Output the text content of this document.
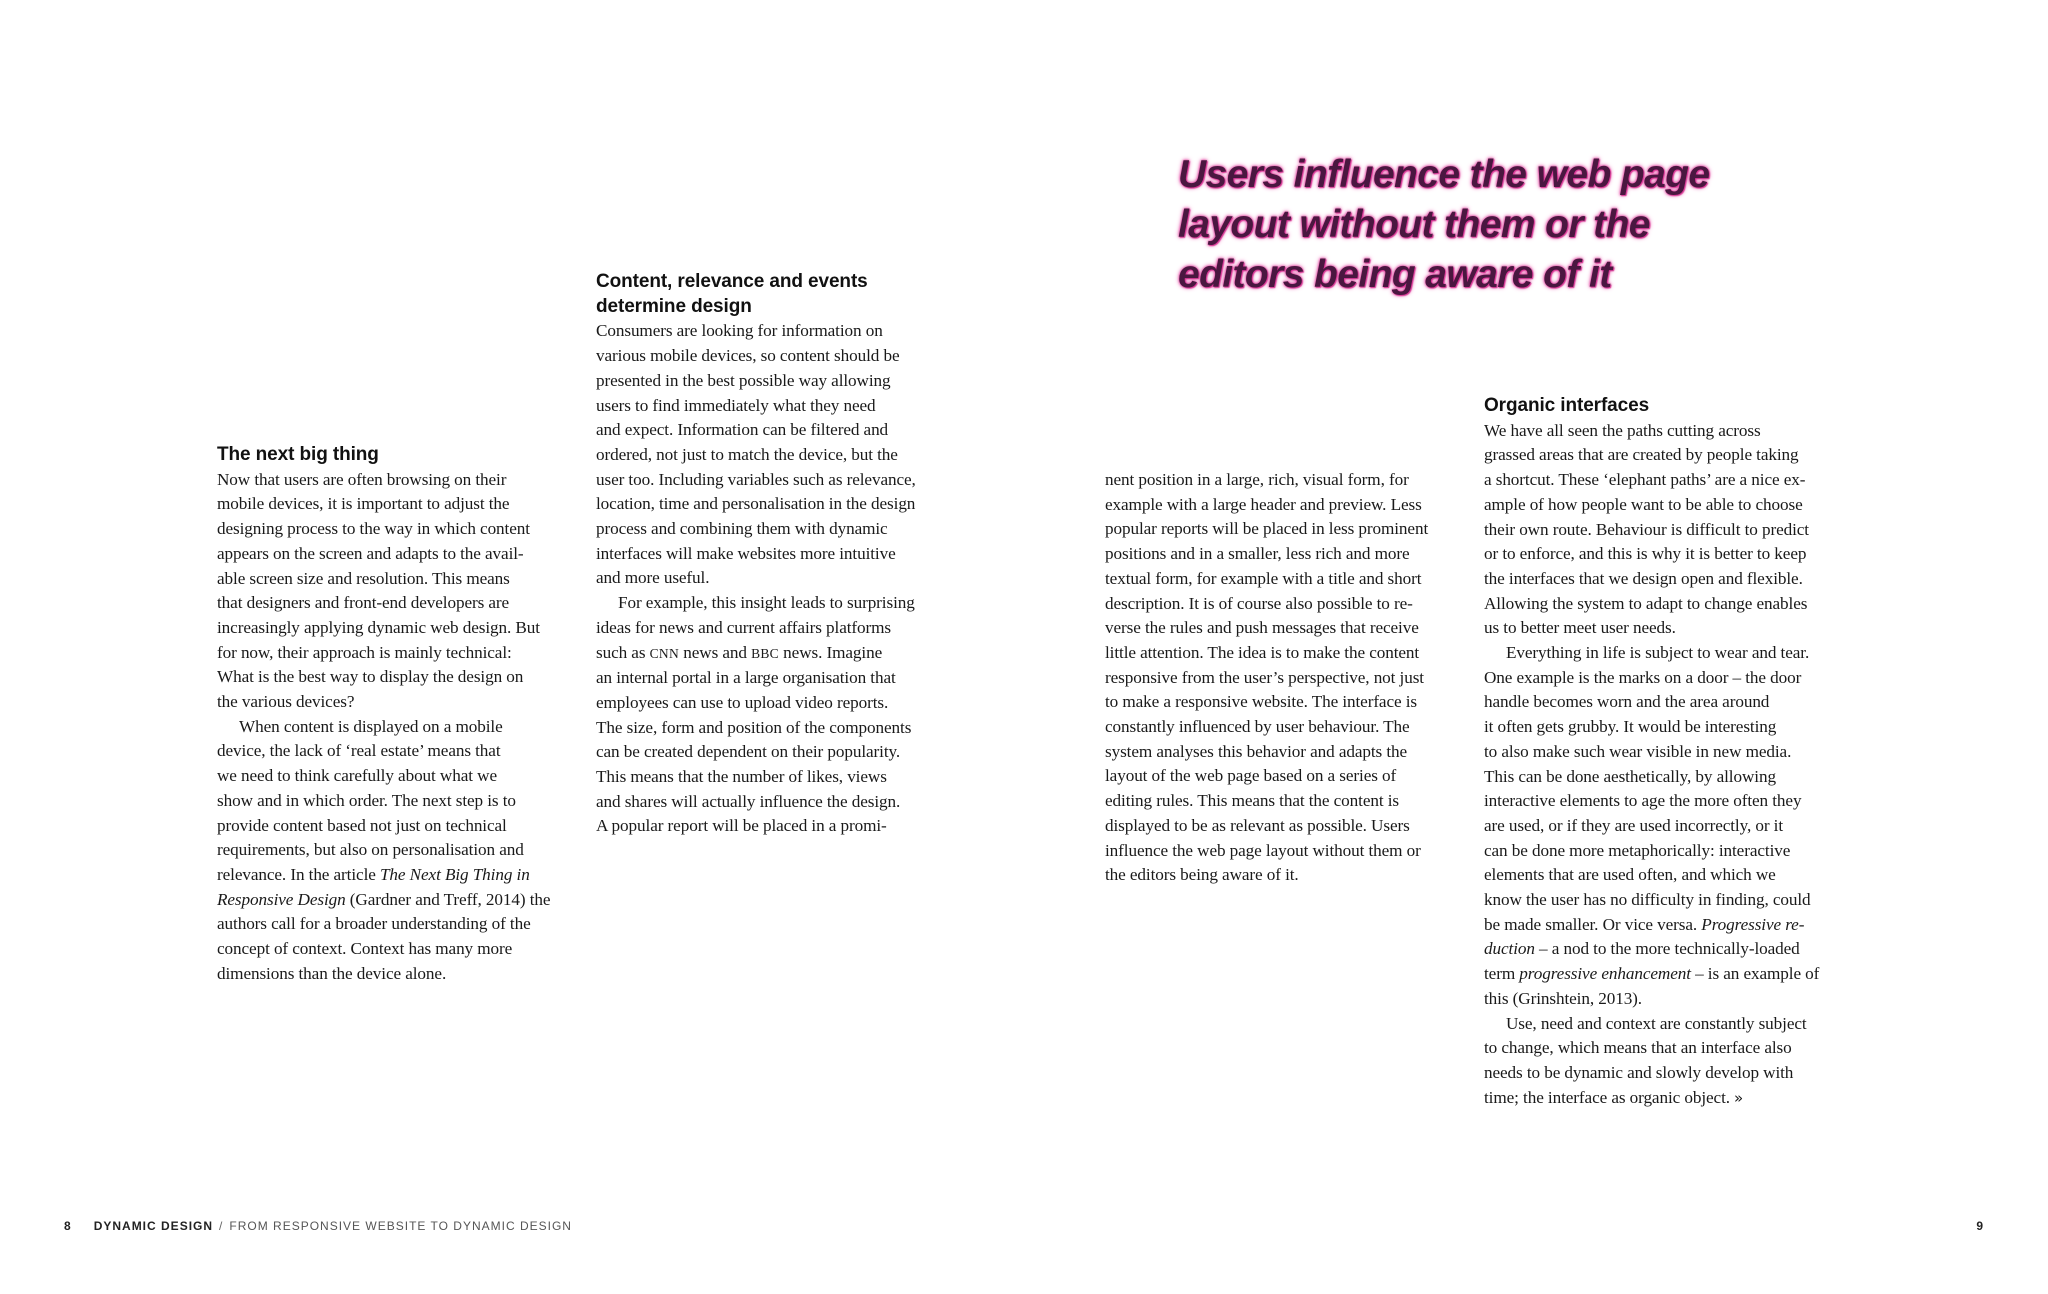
Users influence the web page
layout without them or the
editors being aware of it
The next big thing

Now that users are often browsing on their
mobile devices, it is important to adjust the
designing process to the way in which content
appears on the screen and adapts to the avail-
able screen size and resolution. This means
that designers and front-end developers are
increasingly applying dynamic web design. But
for now, their approach is mainly technical:
What is the best way to display the design on
the various devices?

When content is displayed on a mobile
device, the lack of ‘real estate’ means that
we need to think carefully about what we
show and in which order. The next step is to
provide content based not just on technical
requirements, but also on personalisation and
relevance. In the article The Next Big Thing in
Responsive Design (Gardner and Treff, 2014) the
authors call for a broader understanding of the
concept of context. Context has many more
dimensions than the device alone.

Content, relevance and events
determine design

Consumers are looking for information on
various mobile devices, so content should be
presented in the best possible way allowing
users to find immediately what they need
and expect. Information can be filtered and
ordered, not just to match the device, but the
user too. Including variables such as relevance,
location, time and personalisation in the design
process and combining them with dynamic
interfaces will make websites more intuitive
and more useful.

For example, this insight leads to surprising
ideas for news and current affairs platforms
such as CNN news and BBC news. Imagine
an internal portal in a large organisation that
employees can use to upload video reports.
The size, form and position of the components
can be created dependent on their popularity.
This means that the number of likes, views
and shares will actually influence the design.
A popular report will be placed in a promi-

nent position in a large, rich, visual form, for
example with a large header and preview. Less
popular reports will be placed in less prominent
positions and in a smaller, less rich and more
textual form, for example with a title and short
description. It is of course also possible to re-
verse the rules and push messages that receive
little attention. The idea is to make the content
responsive from the user’s perspective, not just
to make a responsive website. The interface is
constantly influenced by user behaviour. The
system analyses this behavior and adapts the
layout of the web page based on a series of
editing rules. This means that the content is
displayed to be as relevant as possible. Users
influence the web page layout without them or
the editors being aware of it.

Organic interfaces

We have all seen the paths cutting across
grassed areas that are created by people taking
a shortcut. These ‘elephant paths’ are a nice ex-
ample of how people want to be able to choose
their own route. Behaviour is difficult to predict
or to enforce, and this is why it is better to keep
the interfaces that we design open and flexible.
Allowing the system to adapt to change enables
us to better meet user needs.

Everything in life is subject to wear and tear.
One example is the marks on a door – the door
handle becomes worn and the area around
it often gets grubby. It would be interesting
to also make such wear visible in new media.
This can be done aesthetically, by allowing
interactive elements to age the more often they
are used, or if they are used incorrectly, or it
can be done more metaphorically: interactive
elements that are used often, and which we
know the user has no difficulty in finding, could
be made smaller. Or vice versa. Progressive re-
duction – a nod to the more technically-loaded
term progressive enhancement – is an example of
this (Grinshtein, 2013).

Use, need and context are constantly subject
to change, which means that an interface also
needs to be dynamic and slowly develop with
time; the interface as organic object. »

8 DYNAMIC DESIGN / FROM RESPONSIVE WEBSITE TO DYNAMIC DESIGN	9
